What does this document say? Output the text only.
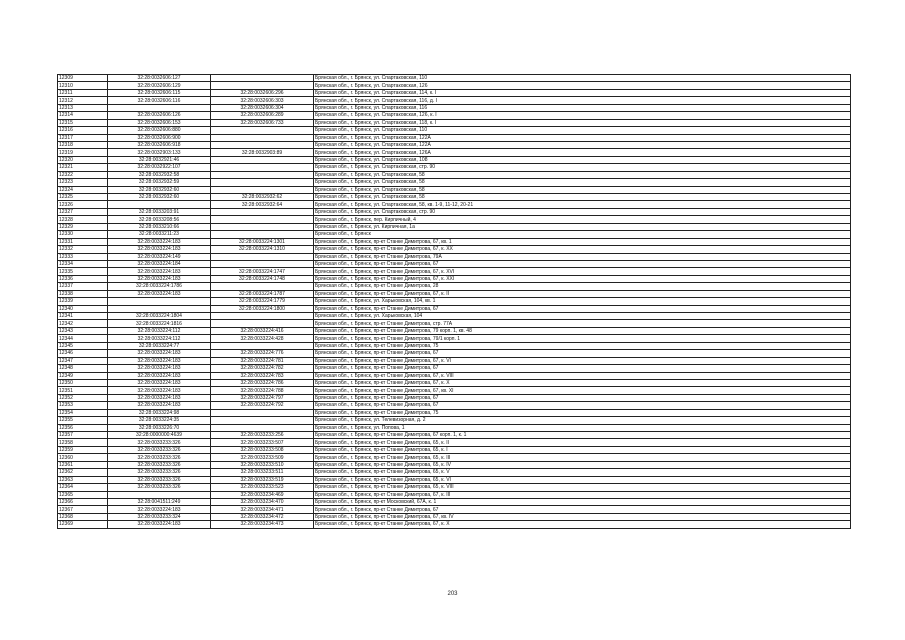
12309	32:28:0032606:127		Брянская обл., г. Брянск, ул. Спартаковская, 110
12310	32:28:0032606:129		Брянская обл., г. Брянск, ул. Спартаковская, 126
12311	32:28:0032606:115	32:28:0032606:296	Брянская обл., г. Брянск, ул. Спартаковская, 114, к. I
12312	32:28:0032606:116	32:28:0032606:303	Брянская обл., г. Брянск, ул. Спартаковская, 116, д. I
12313		32:28:0032606:304	Брянская обл., г. Брянск, ул. Спартаковская, 116
12314	32:28:0032606:126	32:28:0032606:289	Брянская обл., г. Брянск, ул. Спартаковская, 126, к. I
12315	32:28:0032606:153	32:28:0032606:733	Брянская обл., г. Брянск, ул. Спартаковская, 118, к. I
12316	32:28:0032606:880		Брянская обл., г. Брянск, ул. Спартаковская, 110
12317	32:28:0032606:900		Брянская обл., г. Брянск, ул. Спартаковская, 122А
12318	32:28:0032606:918		Брянская обл., г. Брянск, ул. Спартаковская, 122А
12319	32:28:0032903:133	32:28:0032903:89	Брянская обл., г. Брянск, ул. Спартаковская, 126А
12320	32:28:0032921:46		Брянская обл., г. Брянск, ул. Спартаковская, 108
12321	32:28:0032922:107		Брянская обл., г. Брянск, ул. Спартаковская, стр. 90
12322	32:28:0032932:58		Брянская обл., г. Брянск, ул. Спартаковская, 58
12323	32:28:0032932:59		Брянская обл., г. Брянск, ул. Спартаковская, 58
12324	32:28:0032932:60		Брянская обл., г. Брянск, ул. Спартаковская, 58
12325	32:28:0032932:60	32:28:0032932:62	Брянская обл., г. Брянск, ул. Спартаковская, 58
12326		32:28:0032932:64	Брянская обл., г. Брянск, ул. Спартаковская, 58, кв. 1-9, 11-12, 20-21
12327	32:28:0033203:91		Брянская обл., г. Брянск, ул. Спартаковская, стр. 90
12328	32:28:0033208:56		Брянская обл., г. Брянск, пер. Кирпичный, 4
12329	32:28:0033210:66		Брянская обл., г. Брянск, ул. Кирпичная, 1а
12330	32:28:0033211:23		Брянская обл., г. Брянск
12331	32:28:0033224:183	32:28:0033224:1301	Брянская обл., г. Брянск, пр-кт Станке Димитрова, 67, кв. 1
12332	32:28:0033224:183	32:28:0033224:1310	Брянская обл., г. Брянск, пр-кт Станке Димитрова, 67, к. XX
12333	32:28:0033224:149		Брянская обл., г. Брянск, пр-кт Станке Димитрова, 79А
12334	32:28:0033224:184		Брянская обл., г. Брянск, пр-кт Станке Димитрова, 67
12335	32:28:0033224:183	32:28:0033224:1747	Брянская обл., г. Брянск, пр-кт Станке Димитрова, 67, к. XVI
12336	32:28:0033224:183	32:28:0033224:1748	Брянская обл., г. Брянск, пр-кт Станке Димитрова, 67, к. XXI
12337	32:28:0033224:1786		Брянская обл., г. Брянск, пр-кт Станке Димитрова, 28
12338	32:28:0033224:183	32:28:0033224:1787	Брянская обл., г. Брянск, пр-кт Станке Димитрова, 67, к. II
12339		32:28:0033224:1779	Брянская обл., г. Брянск, ул. Харьковская, 104, кв. 1
12340		32:28:0033224:1800	Брянская обл., г. Брянск, пр-кт Станке Димитрова, 67
12341	32:28:0033224:1804		Брянская обл., г. Брянск, ул. Харьковская, 104
12342	32:28:0033224:1816		Брянская обл., г. Брянск, пр-кт Станке Димитрова, стр. 77А
12343	32:28:0033224:112	32:28:0033224:416	Брянская обл., г. Брянск, пр-кт Станке Димитрова, 79 корп. 1, кв. 48
12344	32:28:0033224:112	32:28:0033224:428	Брянская обл., г. Брянск, пр-кт Станке Димитрова, 79/1 корп. 1
12345	32:28:0033224:77		Брянская обл., г. Брянск, пр-кт Станке Димитрова, 75
12346	32:28:0033224:183	32:28:0033224:776	Брянская обл., г. Брянск, пр-кт Станке Димитрова, 67
12347	32:28:0033224:183	32:28:0033224:781	Брянская обл., г. Брянск, пр-кт Станке Димитрова, 67, к. VI
12348	32:28:0033224:183	32:28:0033224:782	Брянская обл., г. Брянск, пр-кт Станке Димитрова, 67
12349	32:28:0033224:183	32:28:0033224:783	Брянская обл., г. Брянск, пр-кт Станке Димитрова, 67, к. VIII
12350	32:28:0033224:183	32:28:0033224:786	Брянская обл., г. Брянск, пр-кт Станке Димитрова, 67, к. X
12351	32:28:0033224:183	32:28:0033224:788	Брянская обл., г. Брянск, пр-кт Станке Димитрова, 67, кв. XI
12352	32:28:0033224:183	32:28:0033224:797	Брянская обл., г. Брянск, пр-кт Станке Димитрова, 67
12353	32:28:0033224:183	32:28:0033224:792	Брянская обл., г. Брянск, пр-кт Станке Димитрова, 67
12354	32:28:0033224:98		Брянская обл., г. Брянск, пр-кт Станке Димитрова, 75
12355	32:28:0033224:35		Брянская обл., г. Брянск, ул. Телевизорная, д. 2
12356	32:28:0033226:70		Брянская обл., г. Брянск, ул. Попова, 1
12357	32:28:0000000:4639	32:28:0033233:256	Брянская обл., г. Брянск, пр-кт Станке Димитрова, 67 корп. 1, к. 1
12358	32:28:0033233:326	32:28:0033233:507	Брянская обл., г. Брянск, пр-кт Станке Димитрова, 65, к. II
12359	32:28:0033233:326	32:28:0033233:508	Брянская обл., г. Брянск, пр-кт Станке Димитрова, 65, к. I
12360	32:28:0033233:326	32:28:0033233:509	Брянская обл., г. Брянск, пр-кт Станке Димитрова, 65, к. III
12361	32:28:0033233:326	32:28:0033233:510	Брянская обл., г. Брянск, пр-кт Станке Димитрова, 65, к. IV
12362	32:28:0033233:326	32:28:0033233:511	Брянская обл., г. Брянск, пр-кт Станке Димитрова, 65, к. V
12363	32:28:0033233:326	32:28:0033233:519	Брянская обл., г. Брянск, пр-кт Станке Димитрова, 65, к. VI
12364	32:28:0033233:326	32:28:0033233:523	Брянская обл., г. Брянск, пр-кт Станке Димитрова, 65, к. VIII
12365		32:28:0033234:469	Брянская обл., г. Брянск, пр-кт Станке Димитрова, 67, к. III
12366	32:28:0041511:249	32:28:0033234:470	Брянская обл., г. Брянск, пр-кт Московский, 67А, к. 1
12367	32:28:0033224:183	32:28:0033234:471	Брянская обл., г. Брянск, пр-кт Станке Димитрова, 67
12368	32:28:0033233:324	32:28:0033234:472	Брянская обл., г. Брянск, пр-кт Станке Димитрова, 67, кв. IV
12369	32:28:0033224:183	32:28:0033234:473	Брянская обл., г. Брянск, пр-кт Станке Димитрова, 67, к. X
203
